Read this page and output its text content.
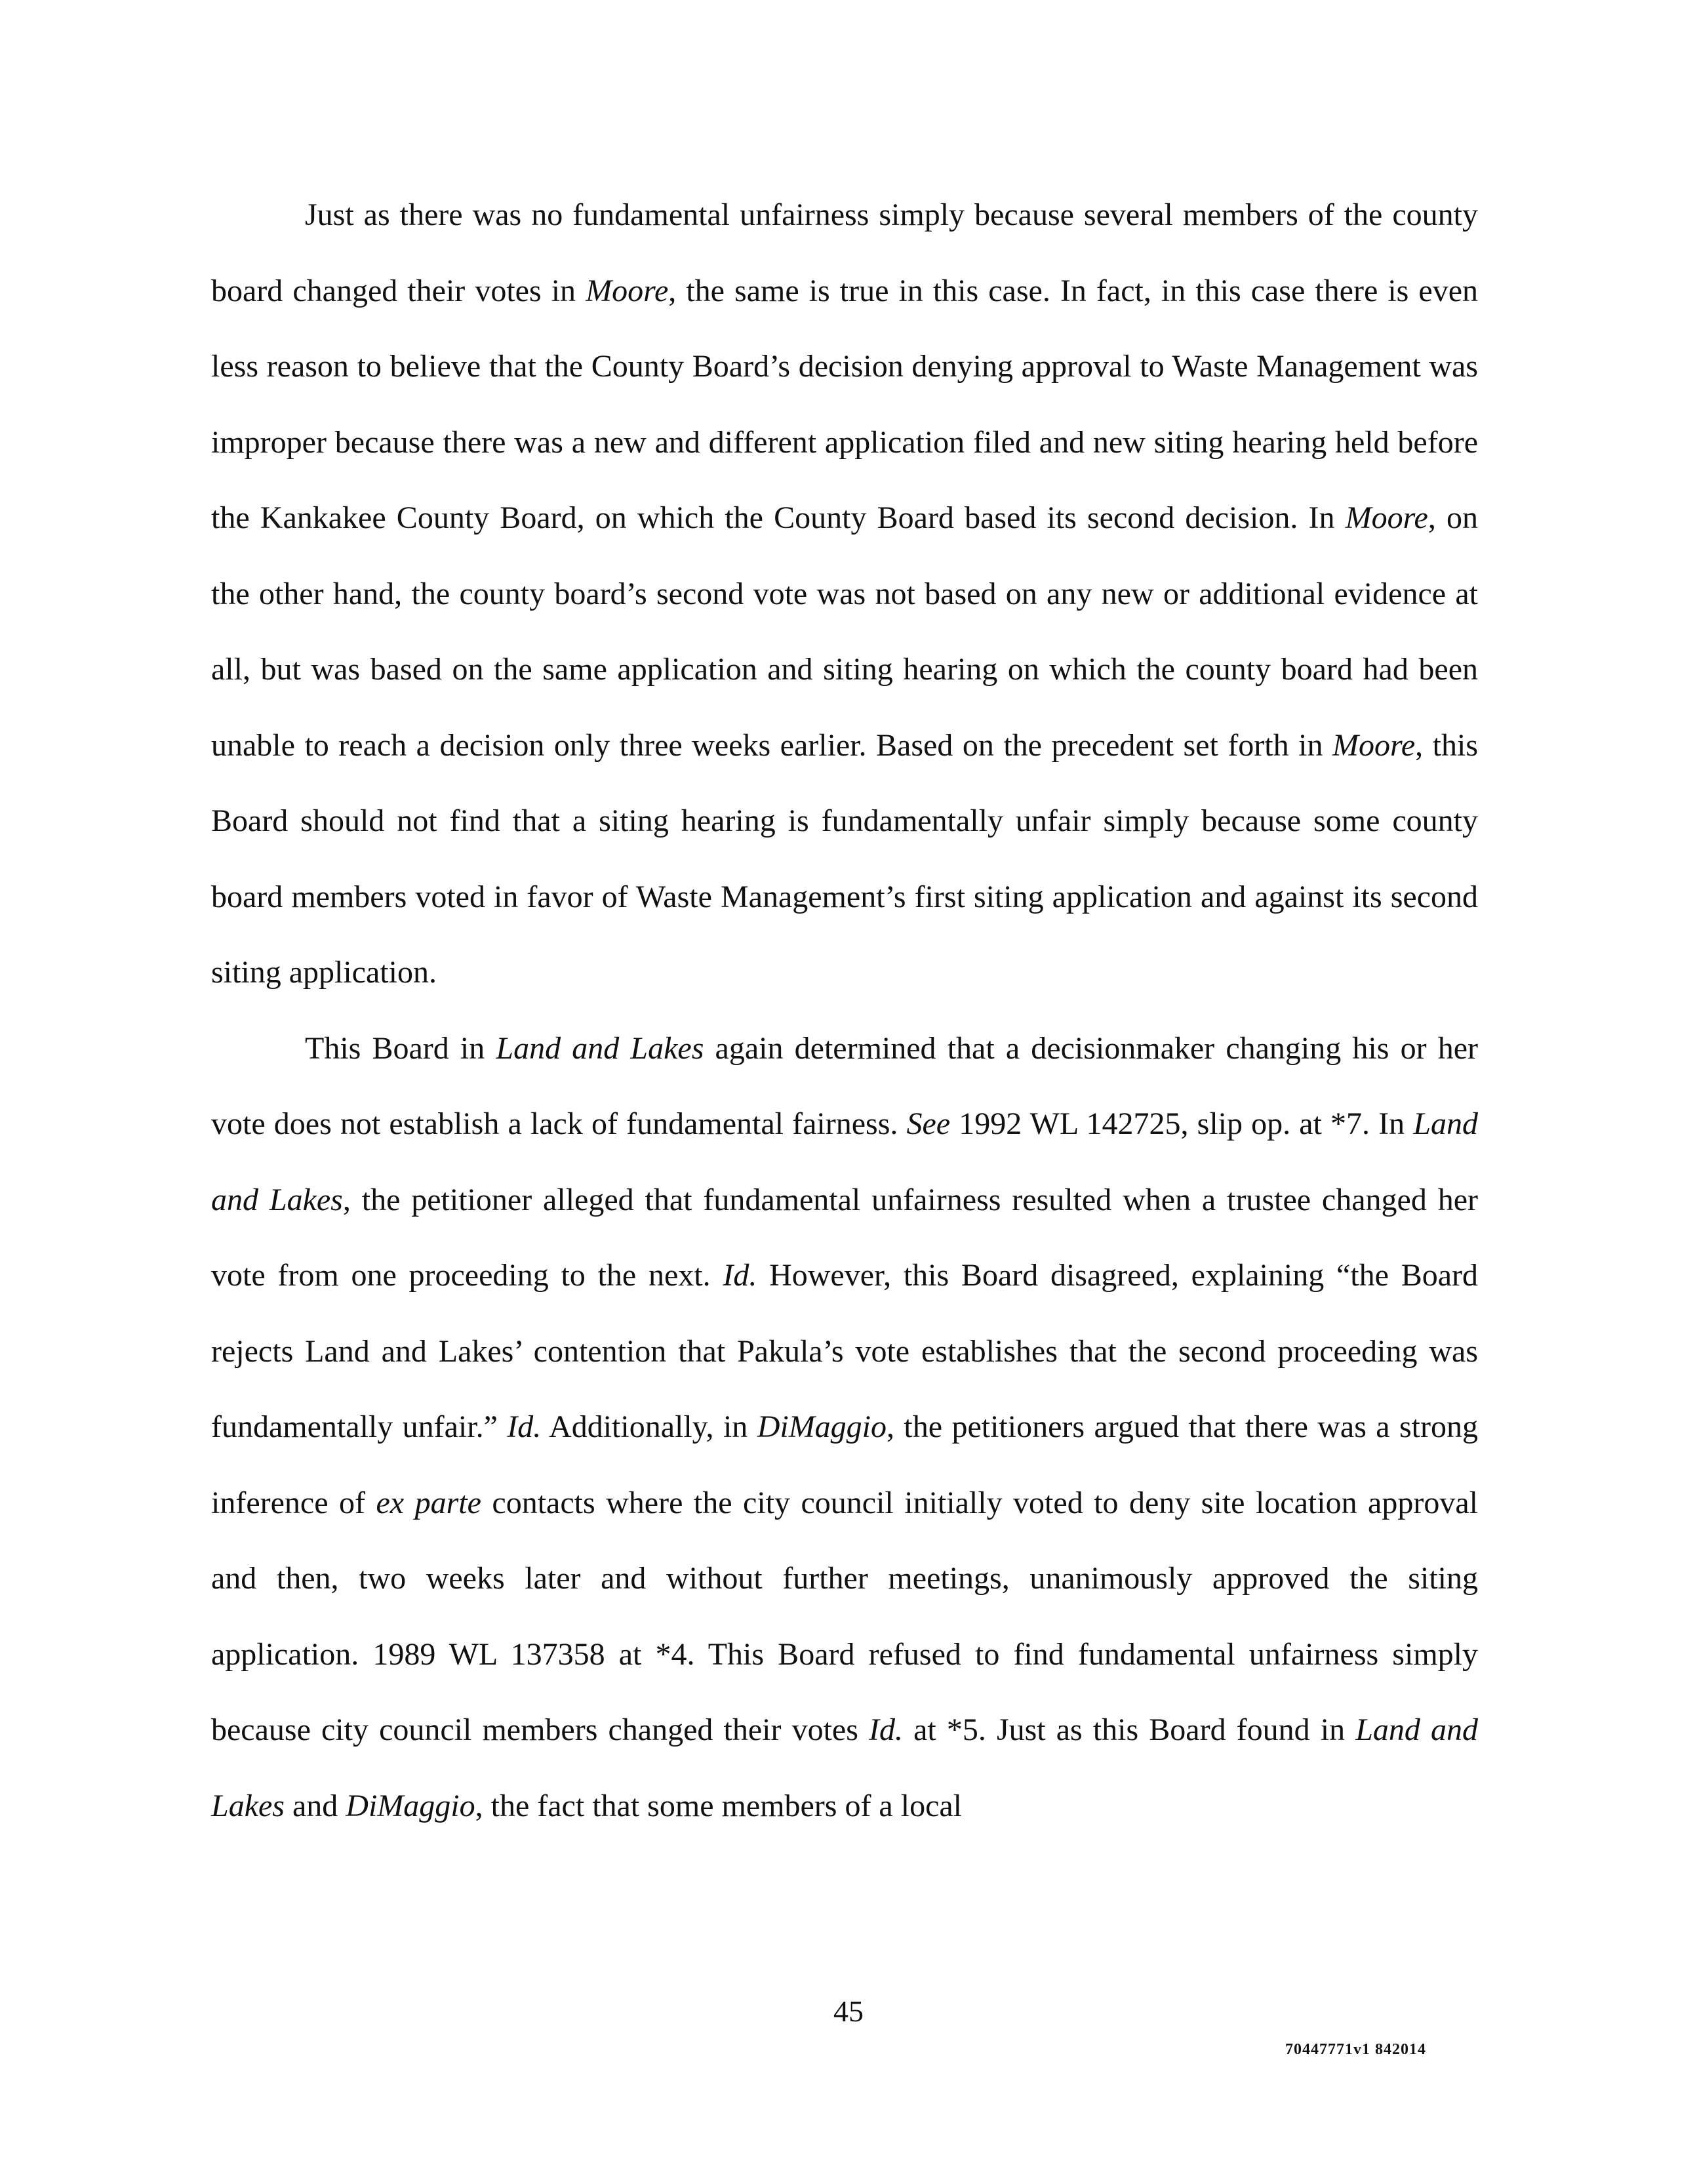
Just as there was no fundamental unfairness simply because several members of the county board changed their votes in Moore, the same is true in this case. In fact, in this case there is even less reason to believe that the County Board’s decision denying approval to Waste Management was improper because there was a new and different application filed and new siting hearing held before the Kankakee County Board, on which the County Board based its second decision. In Moore, on the other hand, the county board’s second vote was not based on any new or additional evidence at all, but was based on the same application and siting hearing on which the county board had been unable to reach a decision only three weeks earlier. Based on the precedent set forth in Moore, this Board should not find that a siting hearing is fundamentally unfair simply because some county board members voted in favor of Waste Management’s first siting application and against its second siting application.

This Board in Land and Lakes again determined that a decisionmaker changing his or her vote does not establish a lack of fundamental fairness. See 1992 WL 142725, slip op. at *7. In Land and Lakes, the petitioner alleged that fundamental unfairness resulted when a trustee changed her vote from one proceeding to the next. Id. However, this Board disagreed, explaining “the Board rejects Land and Lakes’ contention that Pakula’s vote establishes that the second proceeding was fundamentally unfair.” Id. Additionally, in DiMaggio, the petitioners argued that there was a strong inference of ex parte contacts where the city council initially voted to deny site location approval and then, two weeks later and without further meetings, unanimously approved the siting application. 1989 WL 137358 at *4. This Board refused to find fundamental unfairness simply because city council members changed their votes Id. at *5. Just as this Board found in Land and Lakes and DiMaggio, the fact that some members of a local

45
70447771v1 842014
